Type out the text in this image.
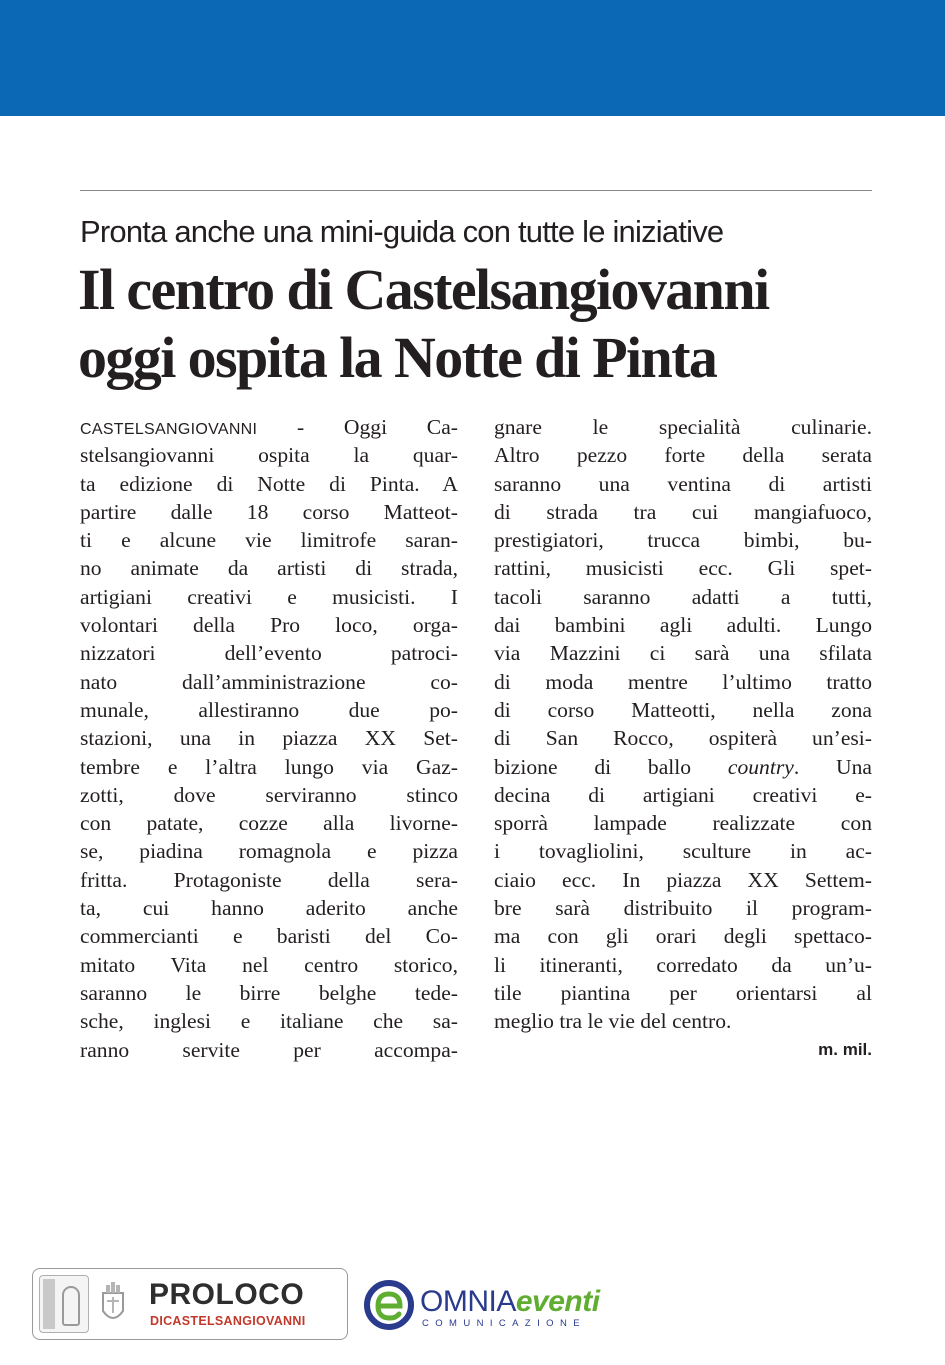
Pronta anche una mini-guida con tutte le iniziative
Il centro di Castelsangiovanni
oggi ospita la Notte di Pinta
CASTELSANGIOVANNI - Oggi Ca-
stelsangiovanni ospita la quar-
ta edizione di Notte di Pinta. A
partire dalle 18 corso Matteot-
ti e alcune vie limitrofe saran-
no animate da artisti di strada,
artigiani creativi e musicisti. I
volontari della Pro loco, orga-
nizzatori dell’evento patroci-
nato dall’amministrazione co-
munale, allestiranno due po-
stazioni, una in piazza XX Set-
tembre e l’altra lungo via Gaz-
zotti, dove serviranno stinco
con patate, cozze alla livorne-
se, piadina romagnola e pizza
fritta. Protagoniste della sera-
ta, cui hanno aderito anche
commercianti e baristi del Co-
mitato Vita nel centro storico,
saranno le birre belghe tede-
sche, inglesi e italiane che sa-
ranno servite per accompa-
gnare le specialità culinarie.
Altro pezzo forte della serata
saranno una ventina di artisti
di strada tra cui mangiafuoco,
prestigiatori, trucca bimbi, bu-
rattini, musicisti ecc. Gli spet-
tacoli saranno adatti a tutti,
dai bambini agli adulti. Lungo
via Mazzini ci sarà una sfilata
di moda mentre l’ultimo tratto
di corso Matteotti, nella zona
di San Rocco, ospiterà un’esi-
bizione di ballo country. Una
decina di artigiani creativi e-
sporrà lampade realizzate con
i tovagliolini, sculture in ac-
ciaio ecc. In piazza XX Settem-
bre sarà distribuito il program-
ma con gli orari degli spettaco-
li itineranti, corredato da un’u-
tile piantina per orientarsi al
meglio tra le vie del centro.
m. mil.
PROLOCO
DICASTELSANGIOVANNI
OMNIAeventi
COMUNICAZIONE
